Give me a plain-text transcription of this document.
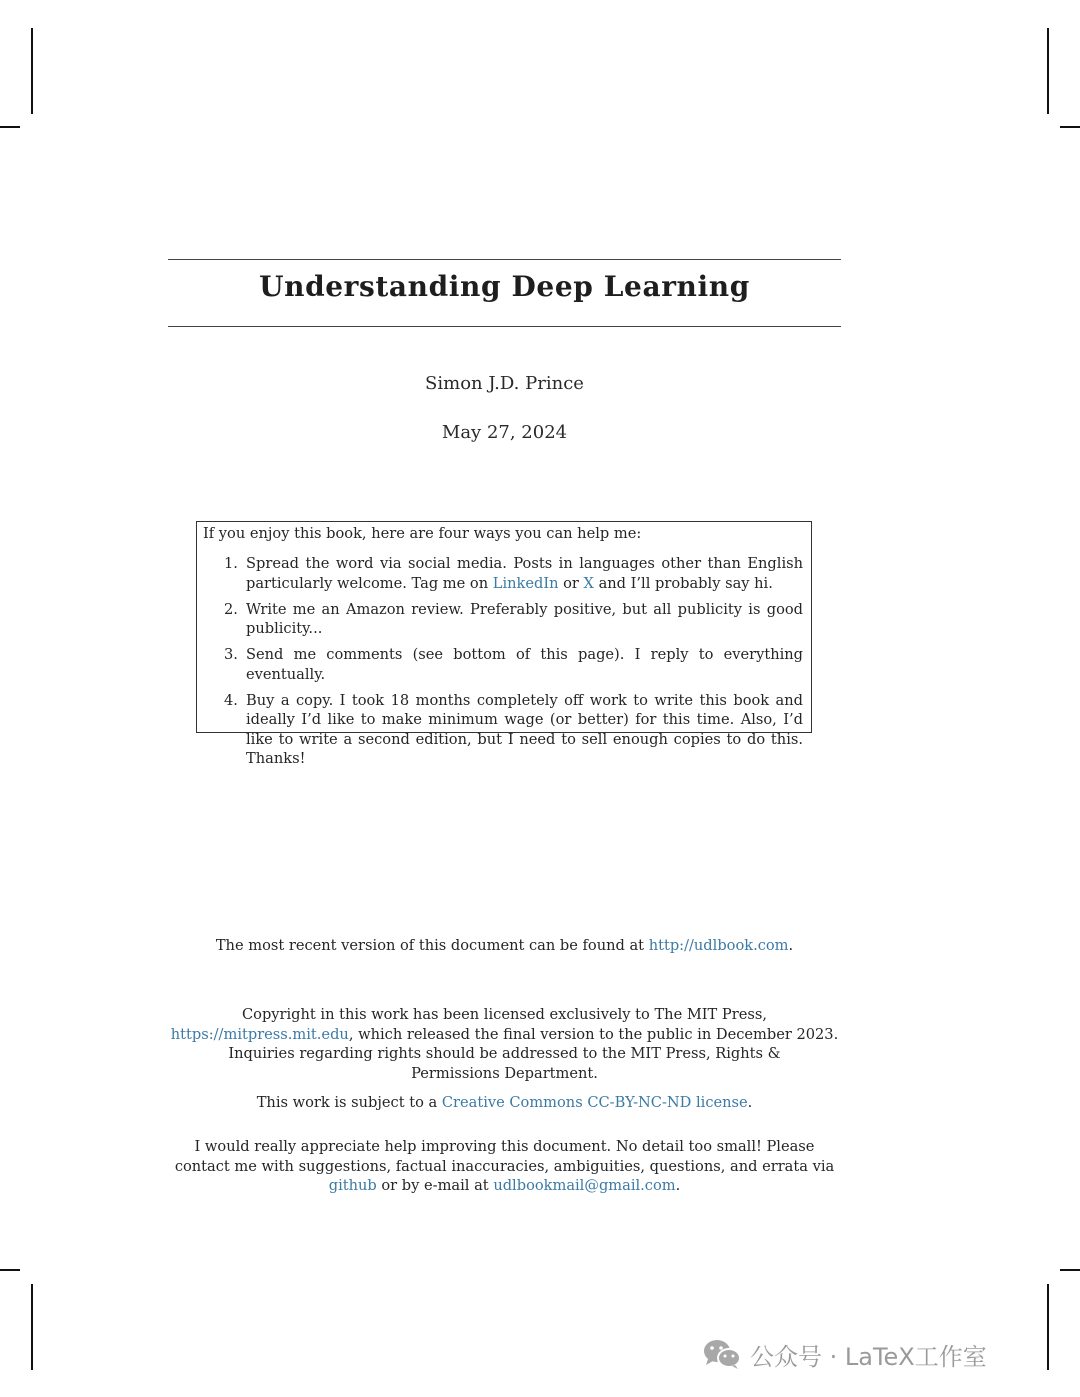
Understanding Deep Learning
Simon J.D. Prince
May 27, 2024
If you enjoy this book, here are four ways you can help me:
1. Spread the word via social media. Posts in languages other than English particularly welcome. Tag me on LinkedIn or X and I’ll probably say hi.
2. Write me an Amazon review. Preferably positive, but all publicity is good publicity...
3. Send me comments (see bottom of this page). I reply to everything eventually.
4. Buy a copy. I took 18 months completely off work to write this book and ideally I’d like to make minimum wage (or better) for this time. Also, I’d like to write a second edition, but I need to sell enough copies to do this. Thanks!
The most recent version of this document can be found at http://udlbook.com.
Copyright in this work has been licensed exclusively to The MIT Press,
https://mitpress.mit.edu, which released the final version to the public in December 2023.
Inquiries regarding rights should be addressed to the MIT Press, Rights & Permissions Department.
This work is subject to a Creative Commons CC-BY-NC-ND license.
I would really appreciate help improving this document. No detail too small! Please contact me with suggestions, factual inaccuracies, ambiguities, questions, and errata via github or by e-mail at udlbookmail@gmail.com.
公众号 · LaTeX工作室
